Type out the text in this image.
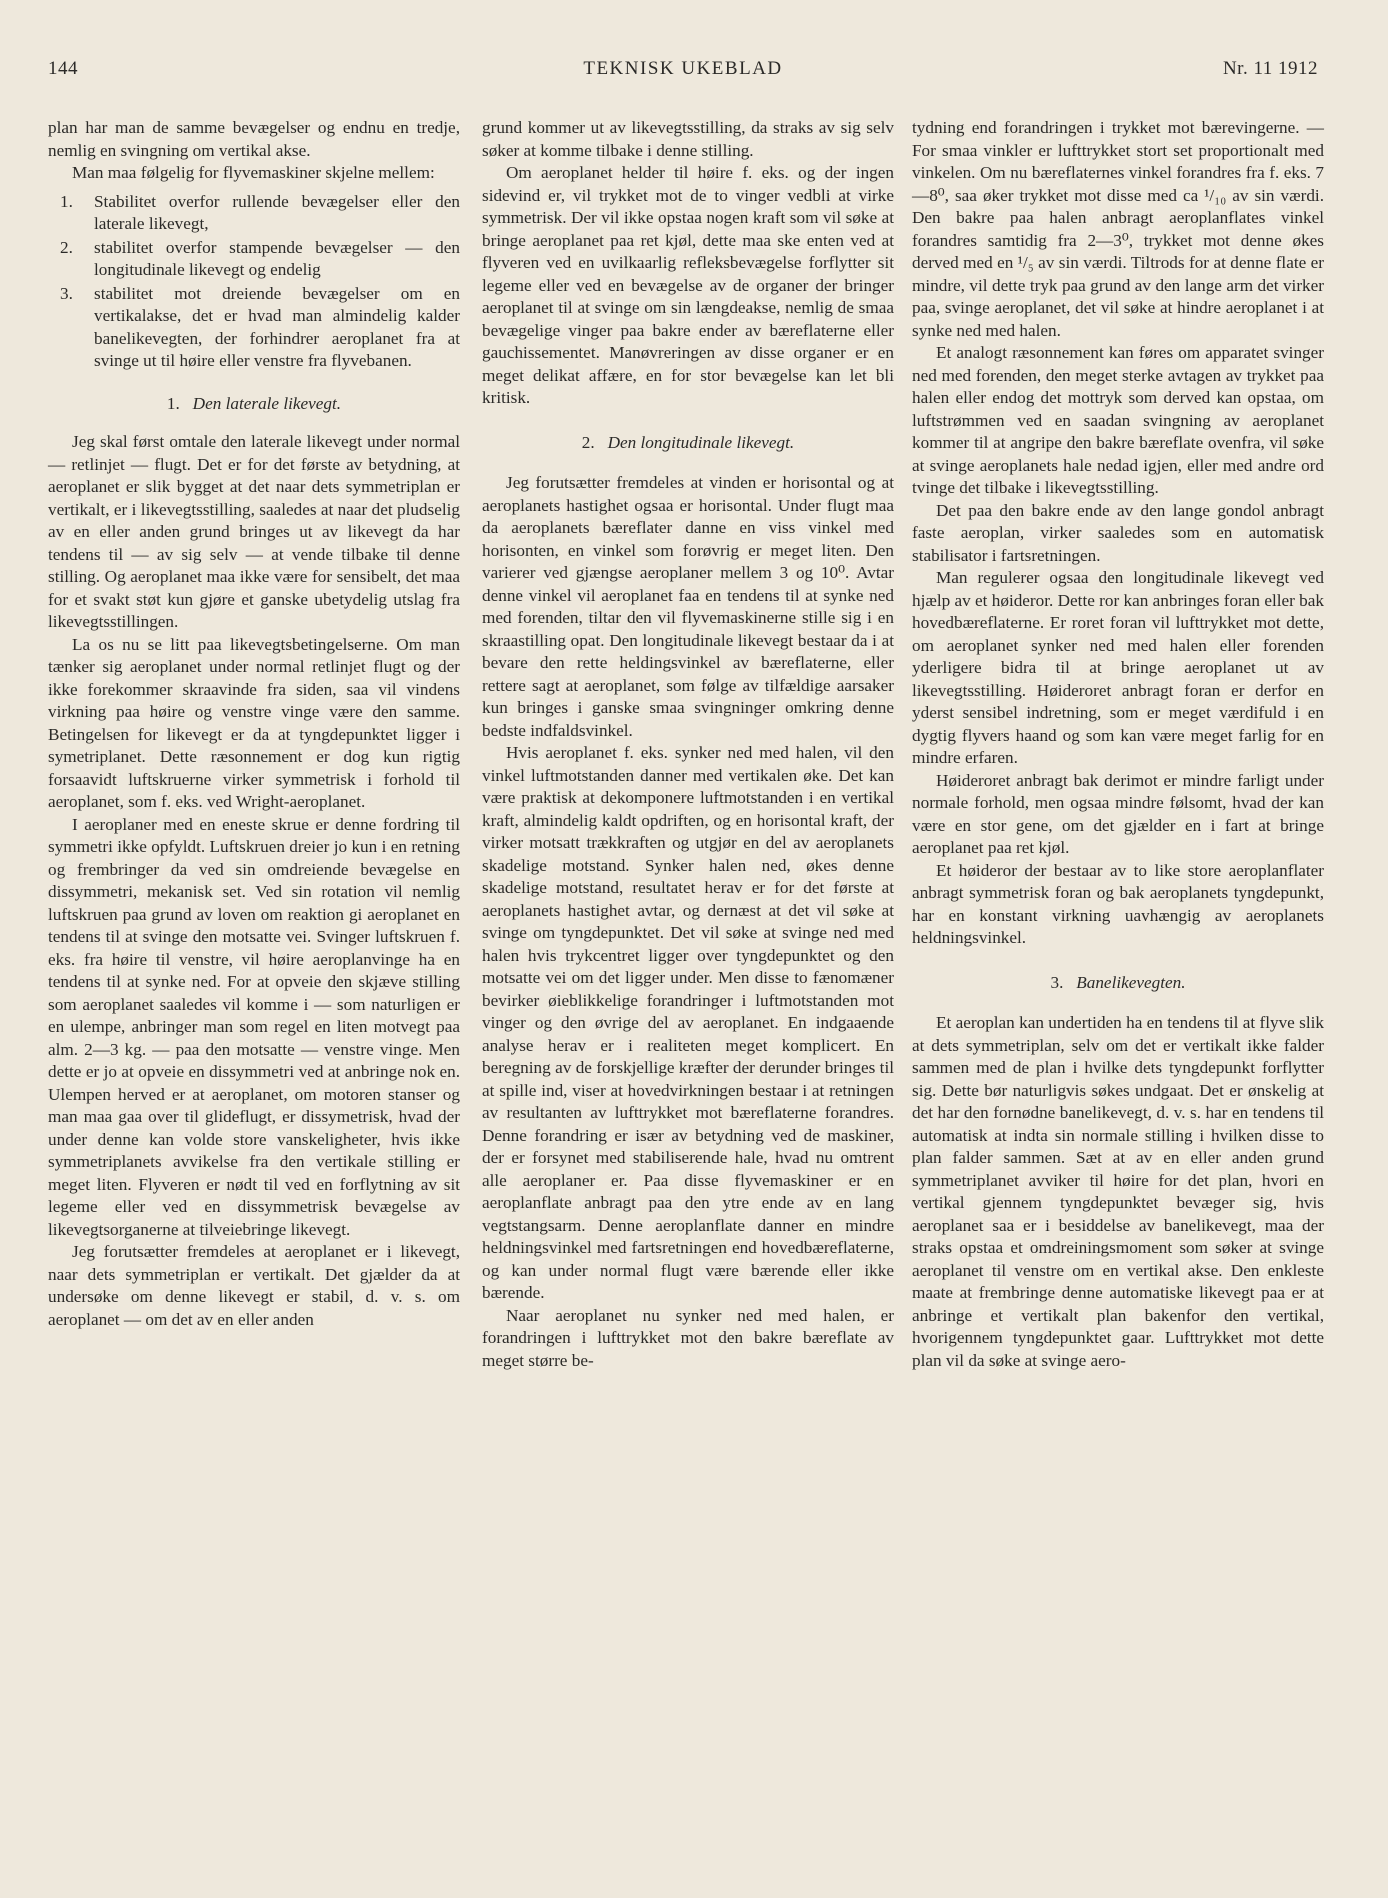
144	TEKNISK UKEBLAD	Nr. 11 1912

plan har man de samme bevægelser og endnu en tredje, nemlig en svingning om vertikal akse.

Man maa følgelig for flyvemaskiner skjelne mellem:

1. Stabilitet overfor rullende bevægelser eller den laterale likevegt,
2. stabilitet overfor stampende bevægelser — den longitudinale likevegt og endelig
3. stabilitet mot dreiende bevægelser om en vertikalakse, det er hvad man almindelig kalder banelikevegten, der forhindrer aeroplanet fra at svinge ut til høire eller venstre fra flyvebanen.
1. Den laterale likevegt.

Jeg skal først omtale den laterale likevegt under normal — retlinjet — flugt. Det er for det første av betydning, at aeroplanet er slik bygget at det naar dets symmetriplan er vertikalt, er i likevegtsstilling, saaledes at naar det pludselig av en eller anden grund bringes ut av likevegt da har tendens til — av sig selv — at vende tilbake til denne stilling. Og aeroplanet maa ikke være for sensibelt, det maa for et svakt støt kun gjøre et ganske ubetydelig utslag fra likevegtsstillingen.

La os nu se litt paa likevegtsbetingelserne. Om man tænker sig aeroplanet under normal retlinjet flugt og der ikke forekommer skraavinde fra siden, saa vil vindens virkning paa høire og venstre vinge være den samme. Betingelsen for likevegt er da at tyngdepunktet ligger i symetriplanet. Dette ræsonnement er dog kun rigtig forsaavidt luftskruerne virker symmetrisk i forhold til aeroplanet, som f. eks. ved Wright-aeroplanet.

I aeroplaner med en eneste skrue er denne fordring til symmetri ikke opfyldt. Luftskruen dreier jo kun i en retning og frembringer da ved sin omdreiende bevægelse en dissymmetri, mekanisk set. Ved sin rotation vil nemlig luftskruen paa grund av loven om reaktion gi aeroplanet en tendens til at svinge den motsatte vei. Svinger luftskruen f. eks. fra høire til venstre, vil høire aeroplanvinge ha en tendens til at synke ned. For at opveie den skjæve stilling som aeroplanet saaledes vil komme i — som naturligen er en ulempe, anbringer man som regel en liten motvegt paa alm. 2—3 kg. — paa den motsatte — venstre vinge. Men dette er jo at opveie en dissymmetri ved at anbringe nok en. Ulempen herved er at aeroplanet, om motoren stanser og man maa gaa over til glideflugt, er dissymetrisk, hvad der under denne kan volde store vanskeligheter, hvis ikke symmetriplanets avvikelse fra den vertikale stilling er meget liten. Flyveren er nødt til ved en forflytning av sit legeme eller ved en dissymmetrisk bevægelse av likevegtsorganerne at tilveiebringe likevegt.

Jeg forutsætter fremdeles at aeroplanet er i likevegt, naar dets symmetriplan er vertikalt. Det gjælder da at undersøke om denne likevegt er stabil, d. v. s. om aeroplanet — om det av en eller anden

grund kommer ut av likevegtsstilling, da straks av sig selv søker at komme tilbake i denne stilling.

Om aeroplanet helder til høire f. eks. og der ingen sidevind er, vil trykket mot de to vinger vedbli at virke symmetrisk. Der vil ikke opstaa nogen kraft som vil søke at bringe aeroplanet paa ret kjøl, dette maa ske enten ved at flyveren ved en uvilkaarlig refleksbevægelse forflytter sit legeme eller ved en bevægelse av de organer der bringer aeroplanet til at svinge om sin længdeakse, nemlig de smaa bevægelige vinger paa bakre ender av bæreflaterne eller gauchissementet. Manøvreringen av disse organer er en meget delikat affære, en for stor bevægelse kan let bli kritisk.

2. Den longitudinale likevegt.

Jeg forutsætter fremdeles at vinden er horisontal og at aeroplanets hastighet ogsaa er horisontal. Under flugt maa da aeroplanets bæreflater danne en viss vinkel med horisonten, en vinkel som forøvrig er meget liten. Den varierer ved gjængse aeroplaner mellem 3 og 10⁰. Avtar denne vinkel vil aeroplanet faa en tendens til at synke ned med forenden, tiltar den vil flyvemaskinerne stille sig i en skraastilling opat. Den longitudinale likevegt bestaar da i at bevare den rette heldingsvinkel av bæreflaterne, eller rettere sagt at aeroplanet, som følge av tilfældige aarsaker kun bringes i ganske smaa svingninger omkring denne bedste indfaldsvinkel.

Hvis aeroplanet f. eks. synker ned med halen, vil den vinkel luftmotstanden danner med vertikalen øke. Det kan være praktisk at dekomponere luftmotstanden i en vertikal kraft, almindelig kaldt opdriften, og en horisontal kraft, der virker motsatt trækkraften og utgjør en del av aeroplanets skadelige motstand. Synker halen ned, økes denne skadelige motstand, resultatet herav er for det første at aeroplanets hastighet avtar, og dernæst at det vil søke at svinge om tyngdepunktet. Det vil søke at svinge ned med halen hvis trykcentret ligger over tyngdepunktet og den motsatte vei om det ligger under. Men disse to fænomæner bevirker øieblikkelige forandringer i luftmotstanden mot vinger og den øvrige del av aeroplanet. En indgaaende analyse herav er i realiteten meget komplicert. En beregning av de forskjellige kræfter der derunder bringes til at spille ind, viser at hovedvirkningen bestaar i at retningen av resultanten av lufttrykket mot bæreflaterne forandres. Denne forandring er især av betydning ved de maskiner, der er forsynet med stabiliserende hale, hvad nu omtrent alle aeroplaner er. Paa disse flyvemaskiner er en aeroplanflate anbragt paa den ytre ende av en lang vegtstangsarm. Denne aeroplanflate danner en mindre heldningsvinkel med fartsretningen end hovedbæreflaterne, og kan under normal flugt være bærende eller ikke bærende.

Naar aeroplanet nu synker ned med halen, er forandringen i lufttrykket mot den bakre bæreflate av meget større be-

tydning end forandringen i trykket mot bærevingerne. — For smaa vinkler er lufttrykket stort set proportionalt med vinkelen. Om nu bæreflaternes vinkel forandres fra f. eks. 7—8⁰, saa øker trykket mot disse med ca ¹/₁₀ av sin værdi. Den bakre paa halen anbragt aeroplanflates vinkel forandres samtidig fra 2—3⁰, trykket mot denne økes derved med en ¹/₅ av sin værdi. Tiltrods for at denne flate er mindre, vil dette tryk paa grund av den lange arm det virker paa, svinge aeroplanet, det vil søke at hindre aeroplanet i at synke ned med halen.

Et analogt ræsonnement kan føres om apparatet svinger ned med forenden, den meget sterke avtagen av trykket paa halen eller endog det mottryk som derved kan opstaa, om luftstrømmen ved en saadan svingning av aeroplanet kommer til at angripe den bakre bæreflate ovenfra, vil søke at svinge aeroplanets hale nedad igjen, eller med andre ord tvinge det tilbake i likevegtsstilling.

Det paa den bakre ende av den lange gondol anbragt faste aeroplan, virker saaledes som en automatisk stabilisator i fartsretningen.

Man regulerer ogsaa den longitudinale likevegt ved hjælp av et høideror. Dette ror kan anbringes foran eller bak hovedbæreflaterne. Er roret foran vil lufttrykket mot dette, om aeroplanet synker ned med halen eller forenden yderligere bidra til at bringe aeroplanet ut av likevegtsstilling. Høideroret anbragt foran er derfor en yderst sensibel indretning, som er meget værdifuld i en dygtig flyvers haand og som kan være meget farlig for en mindre erfaren.

Høideroret anbragt bak derimot er mindre farligt under normale forhold, men ogsaa mindre følsomt, hvad der kan være en stor gene, om det gjælder en i fart at bringe aeroplanet paa ret kjøl.

Et høideror der bestaar av to like store aeroplanflater anbragt symmetrisk foran og bak aeroplanets tyngdepunkt, har en konstant virkning uavhængig av aeroplanets heldningsvinkel.

3. Banelikevegten.

Et aeroplan kan undertiden ha en tendens til at flyve slik at dets symmetriplan, selv om det er vertikalt ikke falder sammen med de plan i hvilke dets tyngdepunkt forflytter sig. Dette bør naturligvis søkes undgaat. Det er ønskelig at det har den fornødne banelikevegt, d. v. s. har en tendens til automatisk at indta sin normale stilling i hvilken disse to plan falder sammen. Sæt at av en eller anden grund symmetriplanet avviker til høire for det plan, hvori en vertikal gjennem tyngdepunktet bevæger sig, hvis aeroplanet saa er i besiddelse av banelikevegt, maa der straks opstaa et omdreiningsmoment som søker at svinge aeroplanet til venstre om en vertikal akse. Den enkleste maate at frembringe denne automatiske likevegt paa er at anbringe et vertikalt plan bakenfor den vertikal, hvorigennem tyngdepunktet gaar. Lufttrykket mot dette plan vil da søke at svinge aero-
